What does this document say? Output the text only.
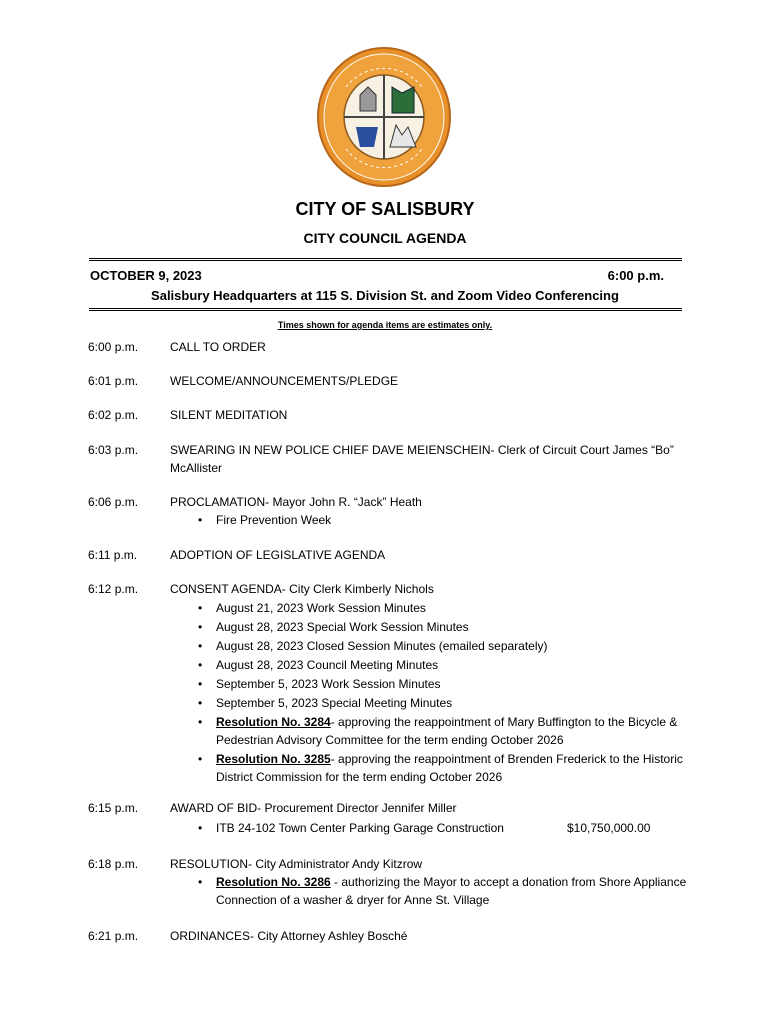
CITY OF SALISBURY
CITY COUNCIL AGENDA
OCTOBER 9, 2023	6:00 p.m.
Salisbury Headquarters at 115 S. Division St. and Zoom Video Conferencing
Times shown for agenda items are estimates only.
6:00 p.m.	CALL TO ORDER
6:01 p.m.	WELCOME/ANNOUNCEMENTS/PLEDGE
6:02 p.m.	SILENT MEDITATION
6:03 p.m.	SWEARING IN NEW POLICE CHIEF DAVE MEIENSCHEIN- Clerk of Circuit Court James “Bo” McAllister
6:06 p.m.	PROCLAMATION- Mayor John R. “Jack” Heath
• Fire Prevention Week
6:11 p.m.	ADOPTION OF LEGISLATIVE AGENDA
6:12 p.m.	CONSENT AGENDA- City Clerk Kimberly Nichols
• August 21, 2023 Work Session Minutes
• August 28, 2023 Special Work Session Minutes
• August 28, 2023 Closed Session Minutes (emailed separately)
• August 28, 2023 Council Meeting Minutes
• September 5, 2023 Work Session Minutes
• September 5, 2023 Special Meeting Minutes
• Resolution No. 3284- approving the reappointment of Mary Buffington to the Bicycle & Pedestrian Advisory Committee for the term ending October 2026
• Resolution No. 3285- approving the reappointment of Brenden Frederick to the Historic District Commission for the term ending October 2026
6:15 p.m.	AWARD OF BID- Procurement Director Jennifer Miller
• ITB 24-102 Town Center Parking Garage Construction	$10,750,000.00
6:18 p.m.	RESOLUTION- City Administrator Andy Kitzrow
• Resolution No. 3286 - authorizing the Mayor to accept a donation from Shore Appliance Connection of a washer & dryer for Anne St. Village
6:21 p.m.	ORDINANCES- City Attorney Ashley Bosché
